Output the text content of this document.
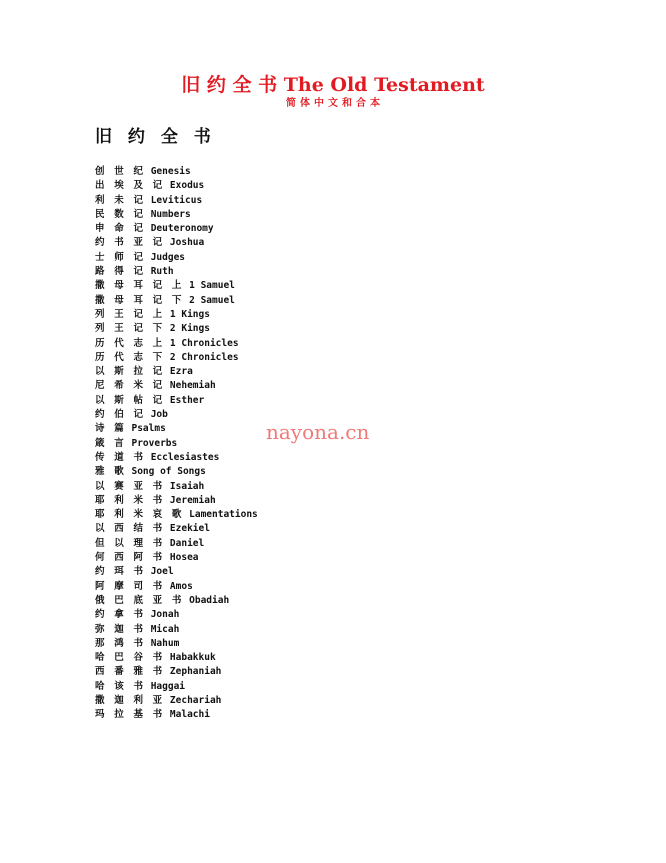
旧 约 全 书 The Old Testament
简体中文和合本
旧 约 全 书
创 世 纪 Genesis
出 埃 及 记 Exodus
利 未 记 Leviticus
民 数 记 Numbers
申 命 记 Deuteronomy
约 书 亚 记 Joshua
士 师 记 Judges
路 得 记 Ruth
撒 母 耳 记 上 1 Samuel
撒 母 耳 记 下 2 Samuel
列 王 记 上 1 Kings
列 王 记 下 2 Kings
历 代 志 上 1 Chronicles
历 代 志 下 2 Chronicles
以 斯 拉 记 Ezra
尼 希 米 记 Nehemiah
以 斯 帖 记 Esther
约 伯 记 Job
诗 篇 Psalms
箴 言 Proverbs
传 道 书 Ecclesiastes
雅 歌 Song of Songs
以 赛 亚 书 Isaiah
耶 利 米 书 Jeremiah
耶 利 米 哀 歌 Lamentations
以 西 结 书 Ezekiel
但 以 理 书 Daniel
何 西 阿 书 Hosea
约 珥 书 Joel
阿 摩 司 书 Amos
俄 巴 底 亚 书 Obadiah
约 拿 书 Jonah
弥 迦 书 Micah
那 鸿 书 Nahum
哈 巴 谷 书 Habakkuk
西 番 雅 书 Zephaniah
哈 该 书 Haggai
撒 迦 利 亚 Zechariah
玛 拉 基 书 Malachi
nayona.cn
